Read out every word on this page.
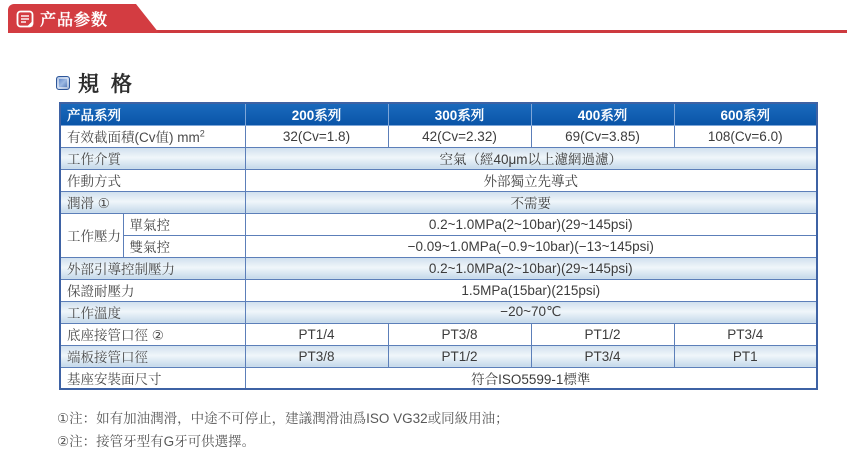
产品参数
規 格
产品系列		200系列	300系列	400系列	600系列
有效截面積(Cv值) $mm^2$		32(Cv=1.8)	42(Cv=2.32)	69(Cv=3.85)	108(Cv=6.0)
工作介質		空氣（經40μm以上濾網過濾）			
作動方式		外部獨立先導式			
潤滑 ①		不需要			
工作壓力	單氣控	0.2~1.0MPa(2~10bar)(29~145psi)			
	雙氣控	−0.09~1.0MPa(−0.9~10bar)(−13~145psi)			
外部引導控制壓力		0.2~1.0MPa(2~10bar)(29~145psi)			
保證耐壓力		1.5MPa(15bar)(215psi)			
工作溫度		−20~70℃			
底座接管口徑 ②		PT1/4	PT3/8	PT1/2	PT3/4
端板接管口徑		PT3/8	PT1/2	PT3/4	PT1
基座安裝面尺寸		符合ISO5599-1標準			
①注：如有加油潤滑，中途不可停止，建議潤滑油爲ISO VG32或同級用油；
②注：接管牙型有G牙可供選擇。
